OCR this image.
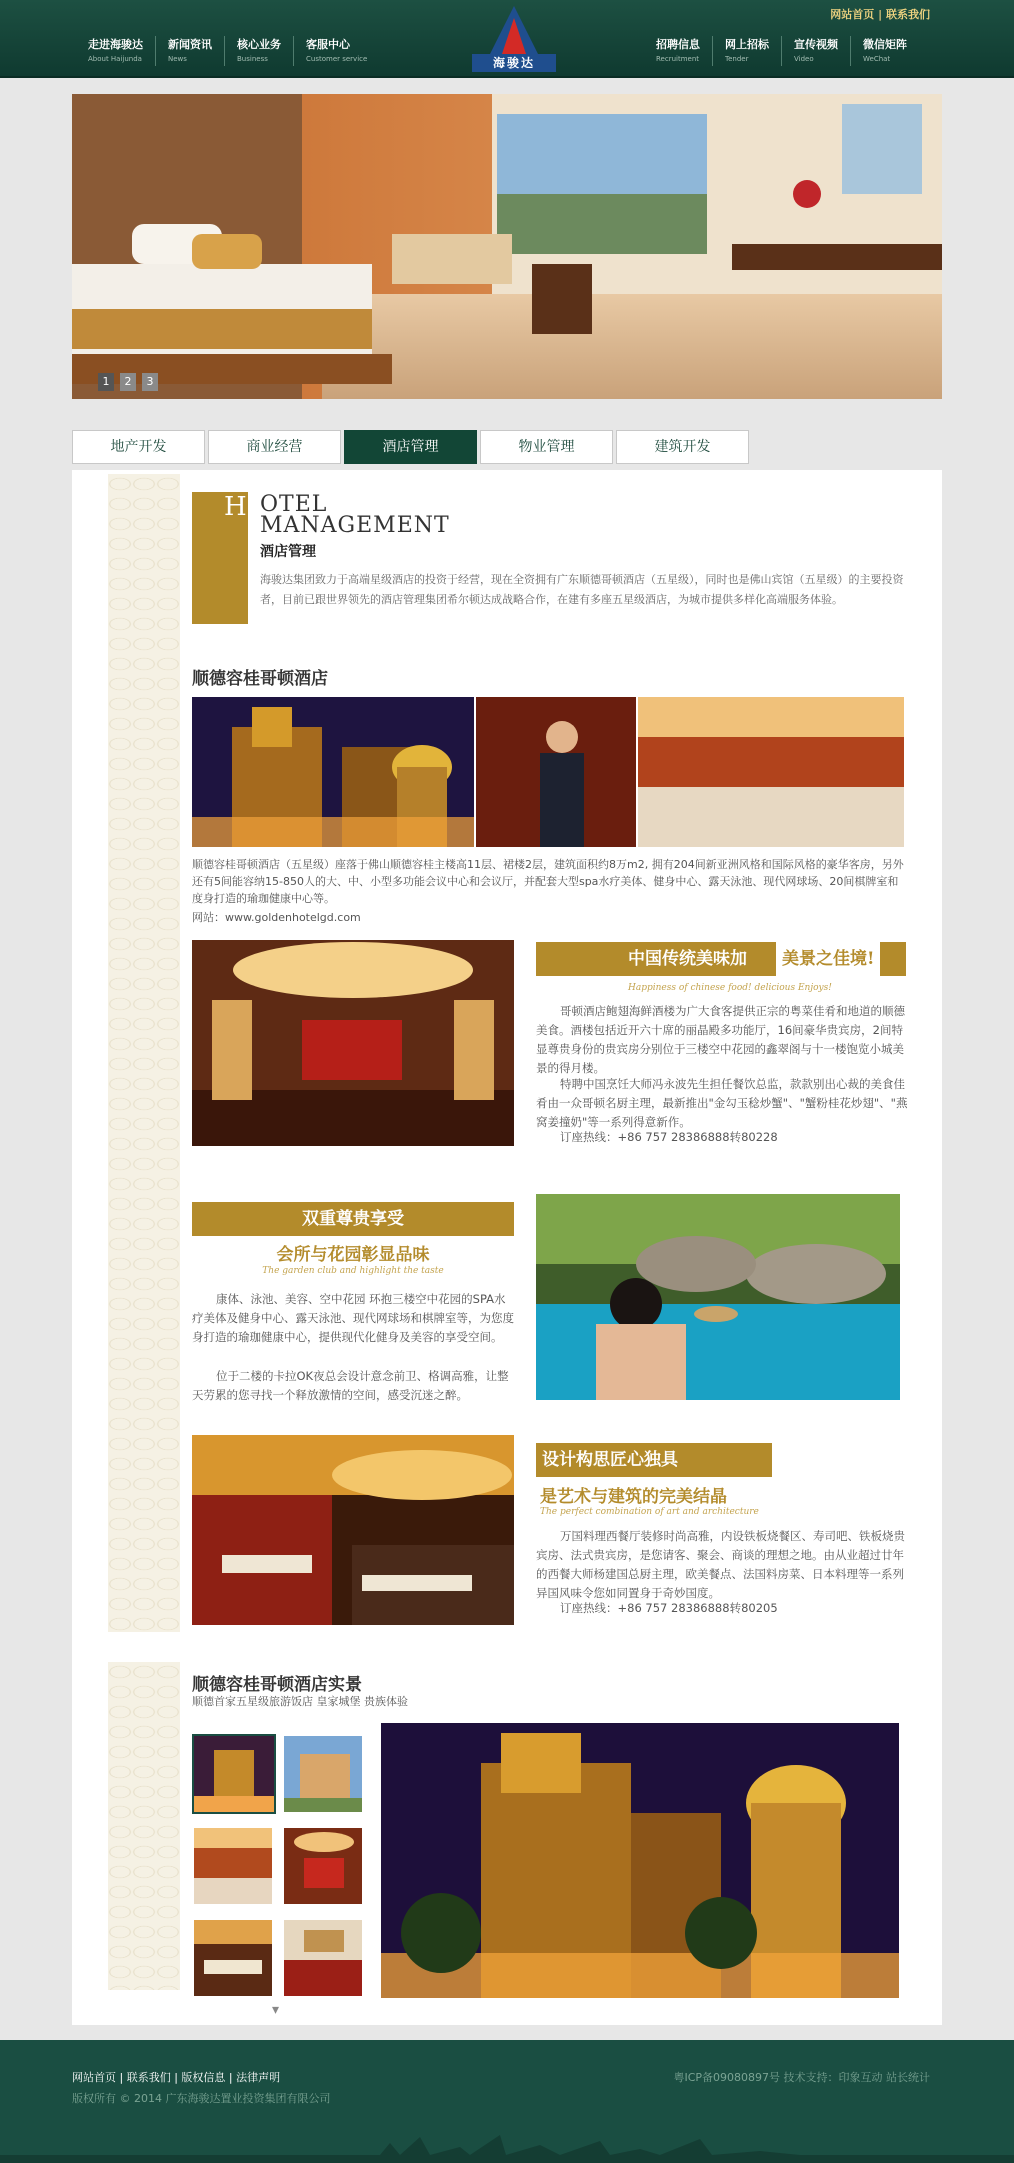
网站首页 | 联系我们
走进海骏达
About Haijunda
新闻资讯
News
核心业务
Business
客服中心
Customer service	海骏达
招聘信息
Recruitment
网上招标
Tender
宣传视频
Video
微信矩阵
WeChat
1	2	3
地产开发	商业经营	酒店管理	物业管理	建筑开发
H OTEL
MANAGEMENT
酒店管理
海骏达集团致力于高端星级酒店的投资于经营，现在全资拥有广东顺德哥顿酒店（五星级），同时也是佛山宾馆（五星级）的主要投资者，目前已跟世界领先的酒店管理集团希尔顿达成战略合作，在建有多座五星级酒店，为城市提供多样化高端服务体验。
顺德容桂哥顿酒店
顺德容桂哥顿酒店（五星级）座落于佛山顺德容桂主楼高11层、裙楼2层，建筑面积约8万m2, 拥有204间新亚洲风格和国际风格的豪华客房，另外还有5间能容纳15-850人的大、中、小型多功能会议中心和会议厅，并配套大型spa水疗美体、健身中心、露天泳池、现代网球场、20间棋牌室和度身打造的瑜珈健康中心等。
网站：www.goldenhotelgd.com
中国传统美味加	美景之佳境!
Happiness of chinese food! delicious Enjoys!
哥顿酒店鲍翅海鲜酒楼为广大食客提供正宗的粤菜佳肴和地道的顺德美食。酒楼包括近开六十席的丽晶殿多功能厅，16间豪华贵宾房，2间特显尊贵身份的贵宾房分别位于三楼空中花园的鑫翠阁与十一楼饱览小城美景的得月楼。
特聘中国烹饪大师冯永波先生担任餐饮总监，款款别出心裁的美食佳肴由一众哥顿名厨主理，最新推出"金勾玉稔炒蟹"、"蟹粉桂花炒翅"、"燕窝姜撞奶"等一系列得意新作。
订座热线：+86 757 28386888转80228
双重尊贵享受
会所与花园彰显品味
The garden club and highlight the taste
康体、泳池、美容、空中花园 环抱三楼空中花园的SPA水疗美体及健身中心、露天泳池、现代网球场和棋牌室等，为您度身打造的瑜珈健康中心，提供现代化健身及美容的享受空间。
位于二楼的卡拉OK夜总会设计意念前卫、格调高雅，让整天劳累的您寻找一个释放激情的空间，感受沉迷之醉。
设计构思匠心独具
是艺术与建筑的完美结晶
The perfect combination of art and architecture
万国料理西餐厅装修时尚高雅，内设铁板烧餐区、寿司吧、铁板烧贵宾房、法式贵宾房，是您请客、聚会、商谈的理想之地。由从业超过廿年的西餐大师杨建国总厨主理，欧美餐点、法国料房菜、日本料理等一系列异国风味令您如同置身于奇妙国度。
订座热线：+86 757 28386888转80205
顺德容桂哥顿酒店实景
顺德首家五星级旅游饭店 皇家城堡 贵族体验
▾
网站首页 | 联系我们 | 版权信息 | 法律声明
版权所有 © 2014 广东海骏达置业投资集团有限公司
粤ICP备09080897号 技术支持：印象互动 站长统计
